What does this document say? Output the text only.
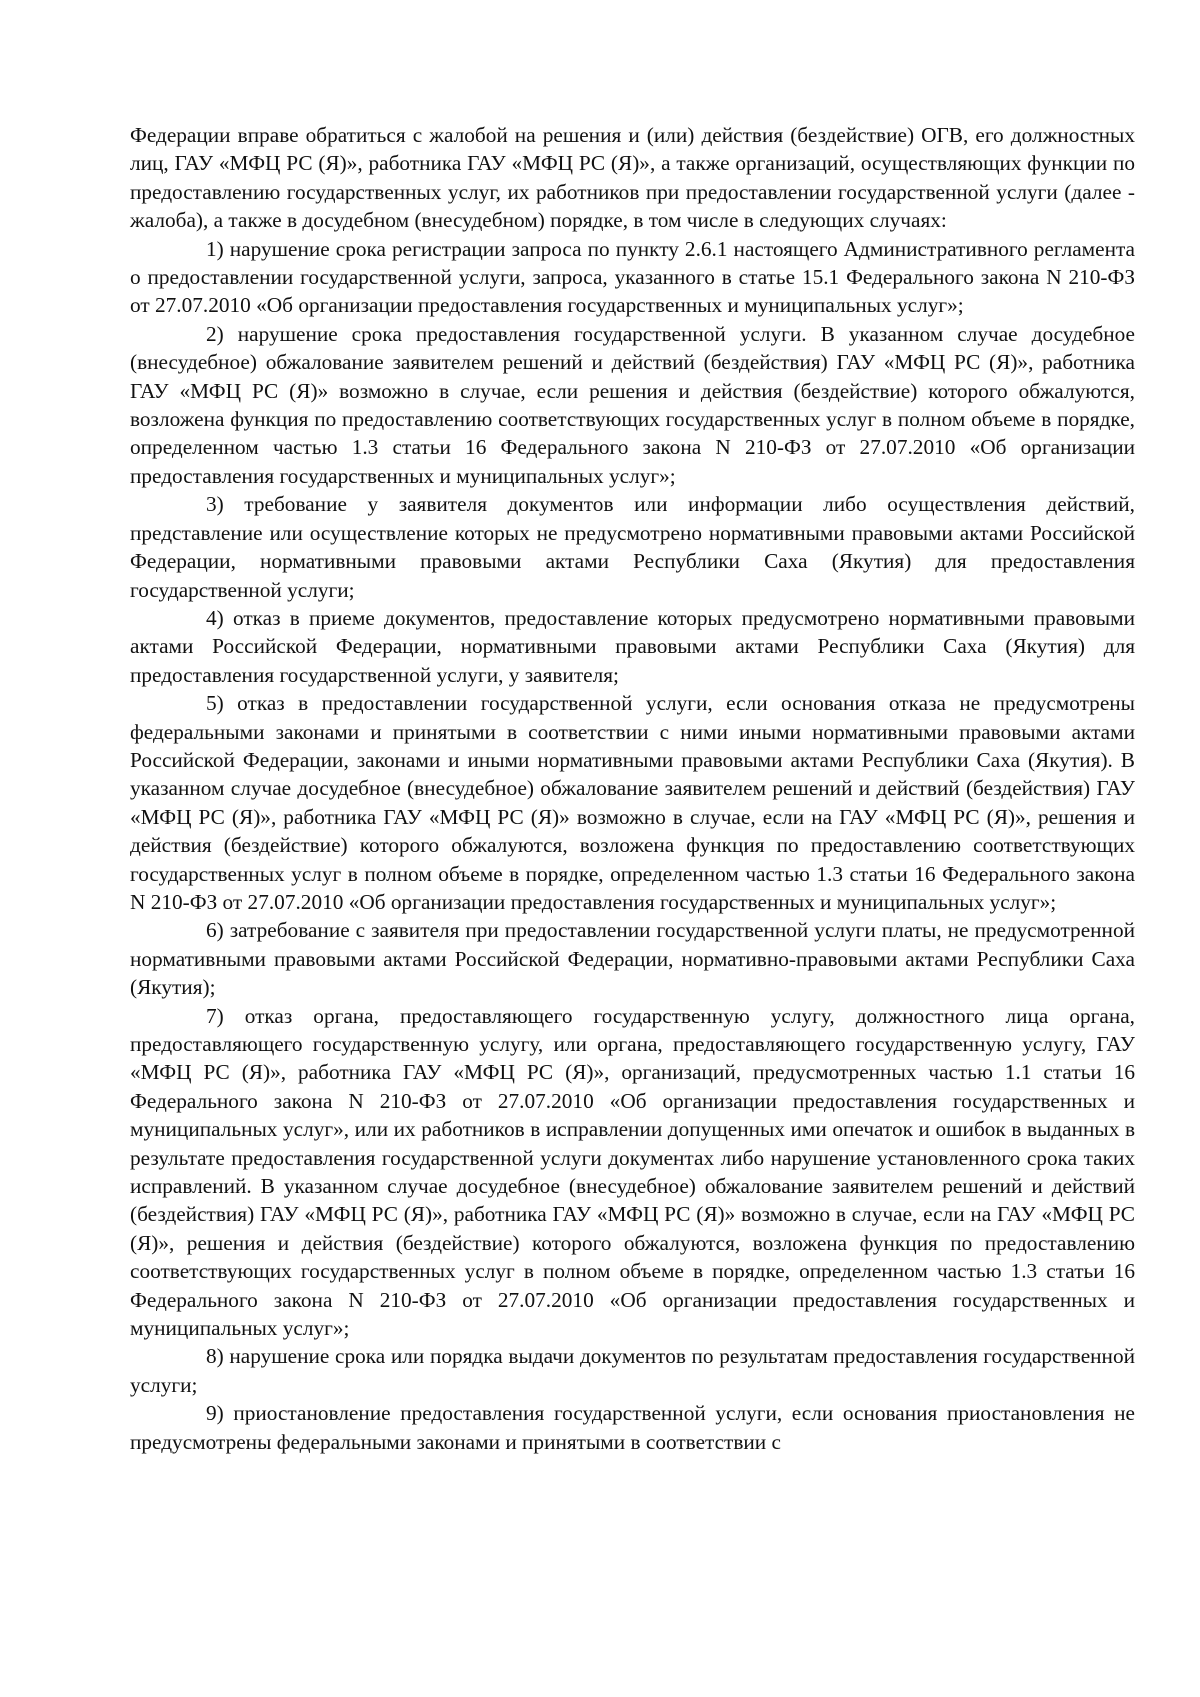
Федерации вправе обратиться с жалобой на решения и (или) действия (бездействие) ОГВ, его должностных лиц, ГАУ «МФЦ РС (Я)», работника ГАУ «МФЦ РС (Я)», а также организаций, осуществляющих функции по предоставлению государственных услуг, их работников при предоставлении государственной услуги (далее - жалоба), а также в досудебном (внесудебном) порядке, в том числе в следующих случаях:

1) нарушение срока регистрации запроса по пункту 2.6.1 настоящего Административного регламента о предоставлении государственной услуги, запроса, указанного в статье 15.1 Федерального закона N 210-ФЗ от 27.07.2010 «Об организации предоставления государственных и муниципальных услуг»;

2) нарушение срока предоставления государственной услуги. В указанном случае досудебное (внесудебное) обжалование заявителем решений и действий (бездействия) ГАУ «МФЦ РС (Я)», работника ГАУ «МФЦ РС (Я)» возможно в случае, если решения и действия (бездействие) которого обжалуются, возложена функция по предоставлению соответствующих государственных услуг в полном объеме в порядке, определенном частью 1.3 статьи 16 Федерального закона N 210-ФЗ от 27.07.2010 «Об организации предоставления государственных и муниципальных услуг»;

3) требование у заявителя документов или информации либо осуществления действий, представление или осуществление которых не предусмотрено нормативными правовыми актами Российской Федерации, нормативными правовыми актами Республики Саха (Якутия) для предоставления государственной услуги;

4) отказ в приеме документов, предоставление которых предусмотрено нормативными правовыми актами Российской Федерации, нормативными правовыми актами Республики Саха (Якутия) для предоставления государственной услуги, у заявителя;

5) отказ в предоставлении государственной услуги, если основания отказа не предусмотрены федеральными законами и принятыми в соответствии с ними иными нормативными правовыми актами Российской Федерации, законами и иными нормативными правовыми актами Республики Саха (Якутия). В указанном случае досудебное (внесудебное) обжалование заявителем решений и действий (бездействия) ГАУ «МФЦ РС (Я)», работника ГАУ «МФЦ РС (Я)» возможно в случае, если на ГАУ «МФЦ РС (Я)», решения и действия (бездействие) которого обжалуются, возложена функция по предоставлению соответствующих государственных услуг в полном объеме в порядке, определенном частью 1.3 статьи 16 Федерального закона N 210-ФЗ от 27.07.2010 «Об организации предоставления государственных и муниципальных услуг»;

6) затребование с заявителя при предоставлении государственной услуги платы, не предусмотренной нормативными правовыми актами Российской Федерации, нормативно-правовыми актами Республики Саха (Якутия);

7) отказ органа, предоставляющего государственную услугу, должностного лица органа, предоставляющего государственную услугу, или органа, предоставляющего государственную услугу, ГАУ «МФЦ РС (Я)», работника ГАУ «МФЦ РС (Я)», организаций, предусмотренных частью 1.1 статьи 16 Федерального закона N 210-ФЗ от 27.07.2010 «Об организации предоставления государственных и муниципальных услуг», или их работников в исправлении допущенных ими опечаток и ошибок в выданных в результате предоставления государственной услуги документах либо нарушение установленного срока таких исправлений. В указанном случае досудебное (внесудебное) обжалование заявителем решений и действий (бездействия) ГАУ «МФЦ РС (Я)», работника ГАУ «МФЦ РС (Я)» возможно в случае, если на ГАУ «МФЦ РС (Я)», решения и действия (бездействие) которого обжалуются, возложена функция по предоставлению соответствующих государственных услуг в полном объеме в порядке, определенном частью 1.3 статьи 16 Федерального закона N 210-ФЗ от 27.07.2010 «Об организации предоставления государственных и муниципальных услуг»;

8) нарушение срока или порядка выдачи документов по результатам предоставления государственной услуги;

9) приостановление предоставления государственной услуги, если основания приостановления не предусмотрены федеральными законами и принятыми в соответствии с
